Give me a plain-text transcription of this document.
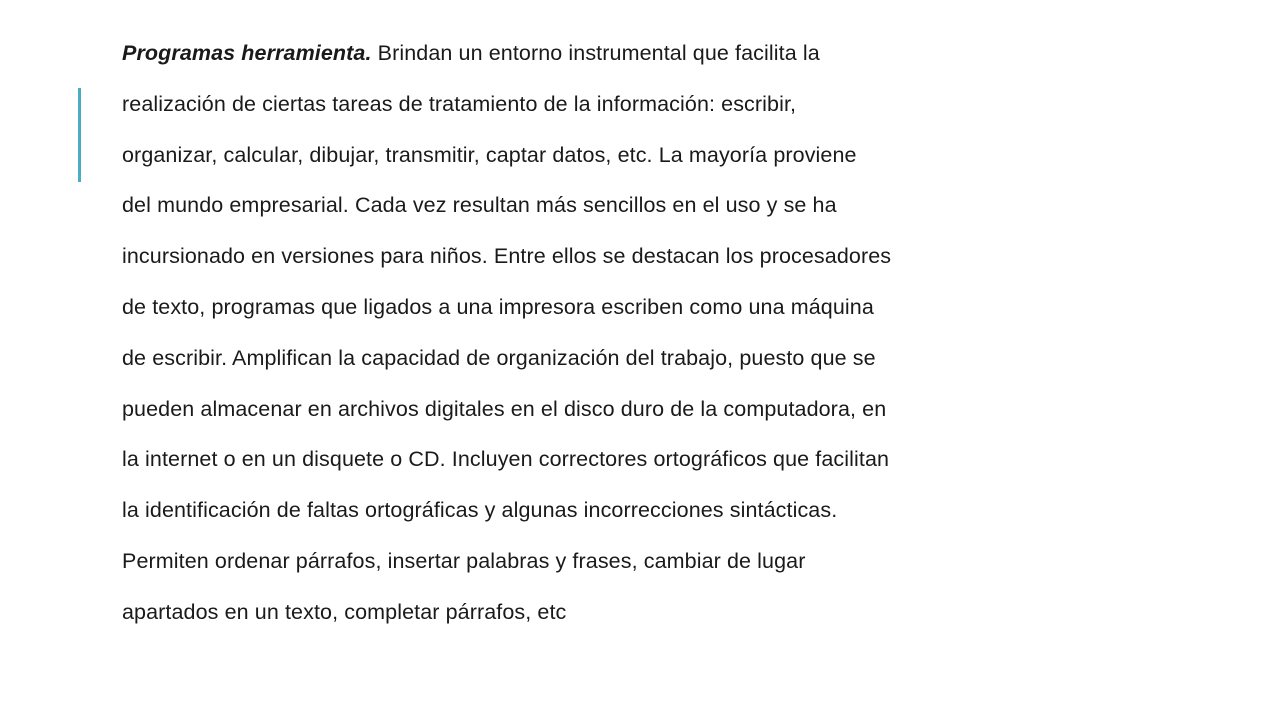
Programas herramienta. Brindan un entorno instrumental que facilita la
realización de ciertas tareas de tratamiento de la información: escribir,
organizar, calcular, dibujar, transmitir, captar datos, etc. La mayoría proviene
del mundo empresarial. Cada vez resultan más sencillos en el uso y se ha
incursionado en versiones para niños. Entre ellos se destacan los procesadores
de texto, programas que ligados a una impresora escriben como una máquina
de escribir. Amplifican la capacidad de organización del trabajo, puesto que se
pueden almacenar en archivos digitales en el disco duro de la computadora, en
la internet o en un disquete o CD. Incluyen correctores ortográficos que facilitan
la identificación de faltas ortográficas y algunas incorrecciones sintácticas.
Permiten ordenar párrafos, insertar palabras y frases, cambiar de lugar
apartados en un texto, completar párrafos, etc
